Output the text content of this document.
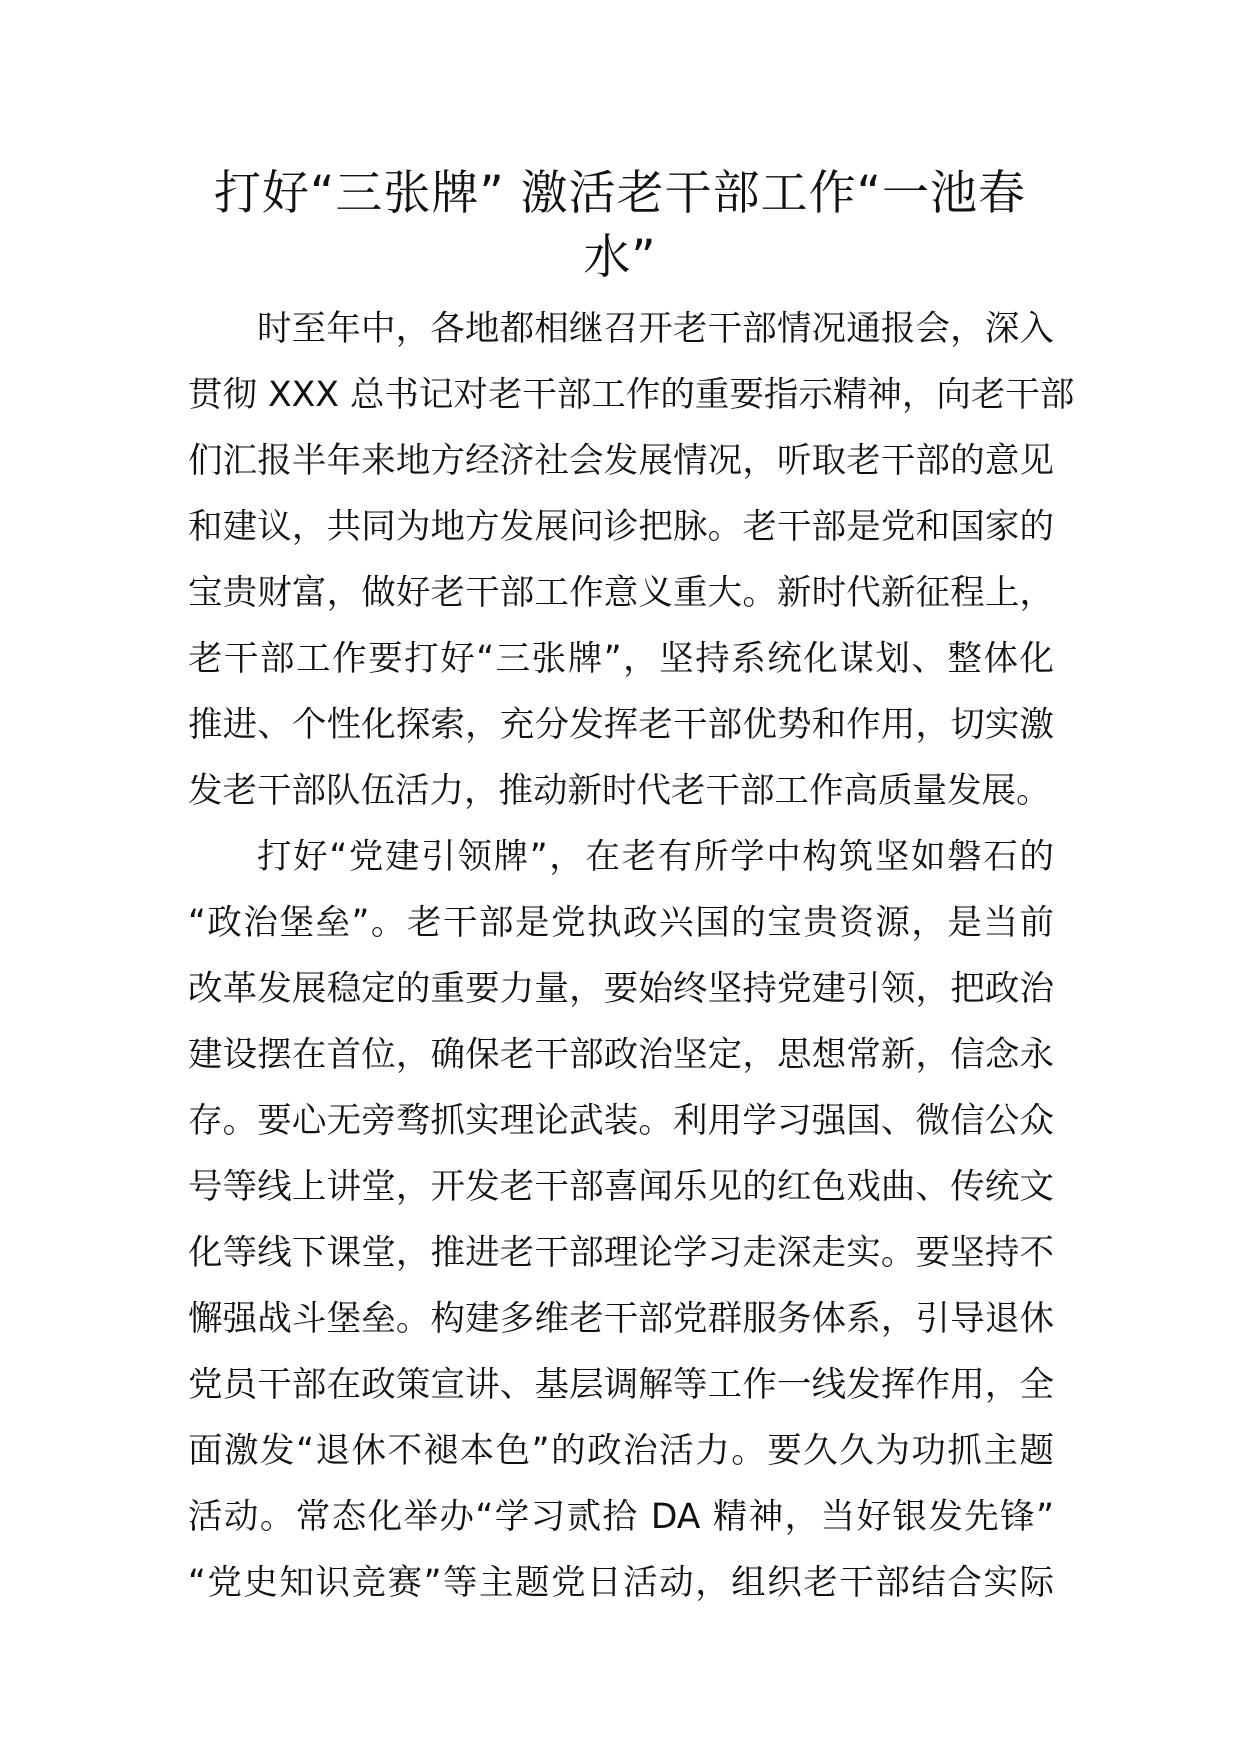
打好“三张牌” 激活老干部工作“一池春水”
时至年中，各地都相继召开老干部情况通报会，深入
贯彻 XXX 总书记对老干部工作的重要指示精神，向老干部
们汇报半年来地方经济社会发展情况，听取老干部的意见
和建议，共同为地方发展问诊把脉。老干部是党和国家的
宝贵财富，做好老干部工作意义重大。新时代新征程上，
老干部工作要打好“三张牌”，坚持系统化谋划、整体化
推进、个性化探索，充分发挥老干部优势和作用，切实激
发老干部队伍活力，推动新时代老干部工作高质量发展。
打好“党建引领牌”，在老有所学中构筑坚如磐石的
“政治堡垒”。老干部是党执政兴国的宝贵资源，是当前
改革发展稳定的重要力量，要始终坚持党建引领，把政治
建设摆在首位，确保老干部政治坚定，思想常新，信念永
存。要心无旁骛抓实理论武装。利用学习强国、微信公众
号等线上讲堂，开发老干部喜闻乐见的红色戏曲、传统文
化等线下课堂，推进老干部理论学习走深走实。要坚持不
懈强战斗堡垒。构建多维老干部党群服务体系，引导退休
党员干部在政策宣讲、基层调解等工作一线发挥作用，全
面激发“退休不褪本色”的政治活力。要久久为功抓主题
活动。常态化举办“学习贰拾 DA 精神，当好银发先锋”
“党史知识竞赛”等主题党日活动，组织老干部结合实际
